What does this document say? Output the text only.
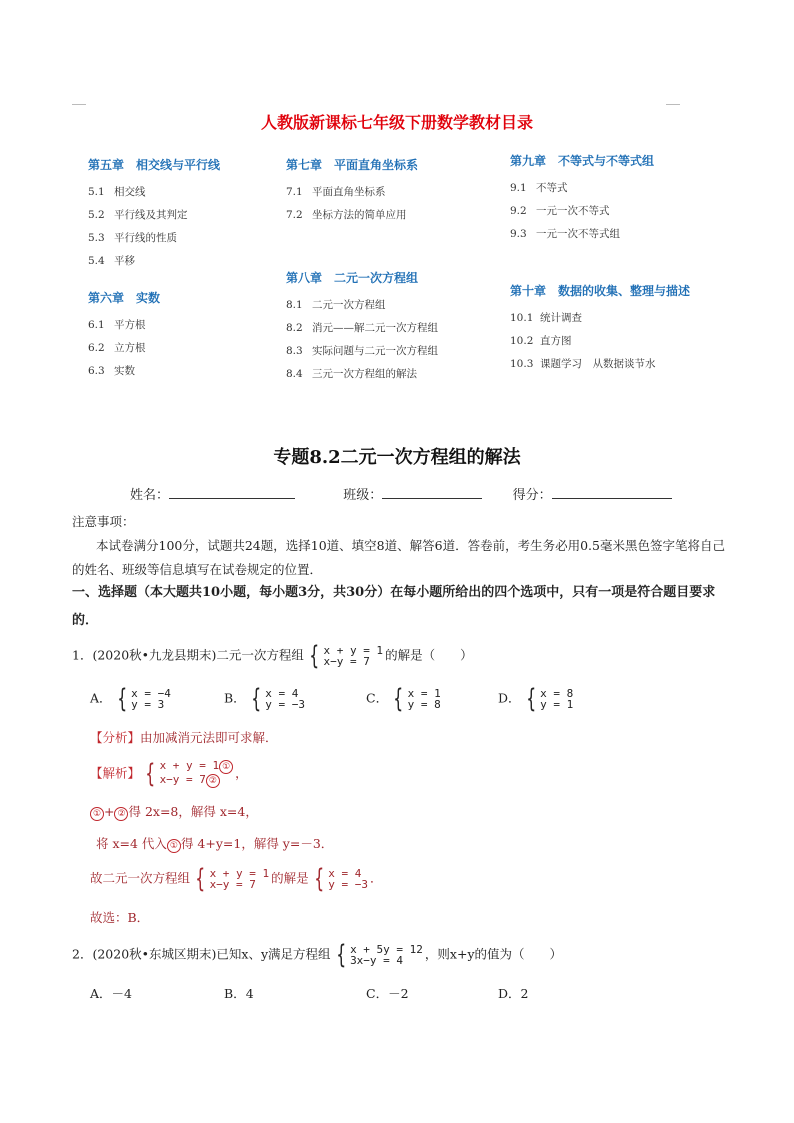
人教版新课标七年级下册数学教材目录
第五章　相交线与平行线
5.1 相交线
5.2 平行线及其判定
5.3 平行线的性质
5.4 平移
第六章　实数
6.1 平方根
6.2 立方根
6.3 实数
第七章　平面直角坐标系
7.1 平面直角坐标系
7.2 坐标方法的简单应用
第八章　二元一次方程组
8.1 二元一次方程组
8.2 消元——解二元一次方程组
8.3 实际问题与二元一次方程组
8.4 三元一次方程组的解法
第九章　不等式与不等式组
9.1 不等式
9.2 一元一次不等式
9.3 一元一次不等式组
第十章　数据的收集、整理与描述
10.1 统计调查
10.2 直方图
10.3 课题学习　从数据谈节水
专题8.2二元一次方程组的解法
姓名：	班级：	得分：
注意事项：
本试卷满分100分，试题共24题，选择10道、填空8道、解答6道．答卷前，考生务必用0.5毫米黑色签字笔将自己的姓名、班级等信息填写在试卷规定的位置．
一、选择题（本大题共10小题，每小题3分，共30分）在每小题所给出的四个选项中，只有一项是符合题目要求的．
1．(2020秋•九龙县期末)二元一次方程组 { x + y = 1
x−y = 7	的解是（　　）
A． { x = −4
y = 3	B． { x = 4
y = −3	C． { x = 1
y = 8	D． { x = 8
y = 1
【分析】由加减消元法即可求解．
【解析】 { x + y = 1 ①
x−y = 7 ②
，
① + ② 得 2x=8，解得 x=4，
将 x=4 代入 ① 得 4+y=1，解得 y=－3．
故二元一次方程组 { x + y = 1
x−y = 7	的解是 { x = 4
y = −3 ．
故选：B．
2．(2020秋•东城区期末)已知x、y满足方程组 { x + 5y = 12
3x−y = 4	，则x+y的值为（　　）
A．－4	B．4	C．－2	D．2
